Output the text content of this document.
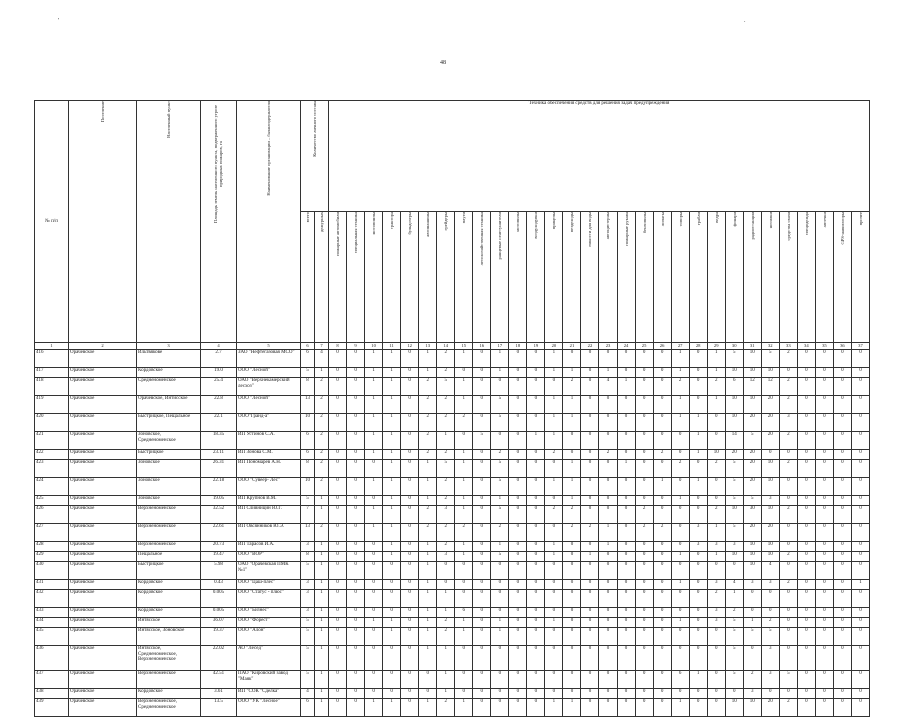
'	.
48
№ п/п	Поселение	Населенный пункт	Площадь земель населенного пункта, подверженного угрозе природных пожаров, га	Наименование организации – балансодержателя	Количество личного состава		Техника обеспечения средств для решения задач предупреждения																													

					всего	дежурных	пожарные автомобили	специальная техника	мотопомпы	трактора	бульдозеры	автомашины	грейдеры	плуги	лесохозяйственная техника	ранцевые огнетушители	мотопилы	воздуходувки	прицепы	вездеходы	емкости для воды	автоцистерны	пожарные рукава	бензопилы	лопаты	топоры	грабли	ведра	фонари	радиостанции	носилки	средства связи	спецодежда	аптечки	GPS-навигаторы	прочее

1	2	3	4	5	6	7	8	9	10	11	12	13	14	15	16	17	18	19	20	21	22	23	24	25	26	27	28	29	30	31	32	33	34	35	36	37
416	Орачевское	Ильтвякове	2.7	ЗАО "Нефтегазовая МСО"	6	4	0	0	1	1	0	1	2	1	0	1	0	0	1	0	0	0	0	0	0	1	0	1	5	10	5	2	0	0	0	0
417	Орачевское	Кордовское	19.0	ООО "Лесной"	5	1	0	0	1	1	0	1	2	0	0	1	0	0	1	1	0	1	0	0	0	1	0	1	10	10	10	0	0	0	0	0
418	Орачевское	Средненоменское	25.4	ОАО "Верхнекамерский лесхоз"	8	2	0	0	1	1	0	2	5	1	0	0	0	0	0	2	0	4	1	0	0	2	0	2	6	12	12	2	0	0	0	0
419	Орачевское	Орачевское, Интисское	22.8	ООО "Лесной"	13	2	0	0	1	1	0	2	2	1	0	5	0	0	1	1	0	0	0	0	0	1	0	1	10	10	20	2	0	0	0	0
420	Орачевское	Быстрицкое, Пещальное	22.1	ООО"Гранд-а"	10	2	0	0	1	1	0	2	2	2	0	5	0	0	1	1	0	0	0	0	0	1	1	0	10	20	20	3	0	0	0	0
421	Орачевское	Зоновское, Средненоменское	18.35	ИП Устинов С.А.	6	2	0	0	1	1	0	2	1	0	5	0	0	1	1	0	0	0	0	0	0	0	1	0	14	5	20	2	0	0	0	0
422	Орачевское	Быстрицкое	23.11	ИП Зонова С.М.	6	2	0	0	1	1	0	2	2	1	0	2	0	0	2	0	0	2	0	0	2	0	1	10	20	20	0	0	0	0	0	0
423	Орачевское	Зоновское	26.31	ИП Пономарев А.Н.	8	2	0	0	0	1	0	1	5	1	0	5	0	0	0	1	0	0	1	0	0	2	0	2	5	20	10	2	0	0	0	0
424	Орачевское	Зоновское	22.18	ООО "Сувеер- Лес"	10	2	0	0	1	1	0	1	2	1	0	5	0	0	1	1	0	0	0	0	1	0	1	0	5	20	10	0	0	0	0	0
425	Орачевское	Зоновское	19.05	ИП Крупнов В.М.	5	1	0	0	0	1	0	1	2	1	0	1	0	0	0	1	0	0	0	0	0	1	0	0	5	5	3	0	0	0	0	0
426	Орачевское	Верхненоменское	32.52	ИП Сливницин Ю.Г.	7	1	0	0	1	1	0	2	3	1	0	5	0	0	2	2	0	0	0	2	0	0	0	2	10	30	10	2	0	0	0	0
427	Орачевское	Верхненоменское	22.61	ИП Овсянников Ю.Э.	13	2	0	0	1	1	0	2	2	2	0	2	0	0	0	2	2	1	0	2	2	0	3	1	5	20	20	0	0	0	0	0
428	Орачевское	Верхненоменское	20.73	ИП Тарасов И.А.	3	1	0	0	0	1	0	1	2	1	0	1	0	0	1	0	0	1	0	0	0	0	3	3	3	10	10	0	0	0	0	0
429	Орачевское	Пещальное	19.47	ООО "ВОР"	8	1	0	0	0	1	0	1	3	1	0	5	0	0	1	0	1	0	0	0	0	1	0	1	10	10	10	2	0	0	0	0
430	Орачевское	Быстрицкое	5.98	ОАО "Орачевская ПМК №1"	5	1	0	0	0	0	0	1	0	0	0	0	0	0	0	0	0	0	0	0	0	0	0	0	0	10	4	0	0	0	0	0
431	Орачевское	Кордовское	0.43	ООО "Цаш-плес"	3	1	0	0	0	0	0	1	0	0	0	0	0	0	0	0	0	0	0	0	0	1	0	3	4	3	3	2	0	0	0	1
432	Орачевское	Кордовское	0.005	ООО "Статус - плюс"	3	1	0	0	0	0	0	1	1	0	0	0	0	0	0	0	0	0	0	0	0	0	0	2	1	0	0	0	0	0	0	0
433	Орачевское	Кордовское	0.005	ООО "Бизнес"	3	1	0	0	0	0	0	1	1	6	0	0	0	0	0	0	0	0	0	0	0	0	0	3	2	0	0	0	0	0	0	0
434	Орачевское	Интясское	36.07	ООО "Форест"	5	1	0	0	1	1	0	1	2	1	0	1	0	0	1	0	0	0	0	0	0	1	0	3	5	1	2	0	0	0	0	0
435	Орачевское	Интясское, Зоновское	19.37	ООО "Алон"	5	1	0	0	0	1	0	1	2	1	0	1	0	0	0	0	0	0	0	0	0	0	0	0	5	5	5	0	0	0	0	0
436	Орачевское	Интясское, Средненоменское, Верхненоменское	22.02	АО "Лесед"	5	1	0	0	0	0	0	1	1	0	0	0	0	0	0	0	0	0	0	0	0	0	0	0	5	0	3	0	0	0	0	0
437	Орачевское	Верхненоменское	42.51	ПАО "Кировский завод "Маяк"	5	1	0	0	0	0	0	0	1	0	0	0	0	0	0	0	0	0	0	0	0	6	1	0	5	2	3	5	0	0	0	0
438	Орачевское	Кордовское	3.61	ИП "СОК "Сделка"	4	1	0	0	0	0	0	0	1	0	0	0	0	0	0	0	0	0	0	0	0	0	0	0	0	3	0	0	0	0	0	0
439	Орачевское	Верхненоменское, Средненоменское	13.5	ООО "УК "Лесное"	6	1	0	0	1	1	0	1	2	1	0	0	0	0	1	1	0	0	0	0	0	1	0	0	10	10	20	2	0	0	0	0
